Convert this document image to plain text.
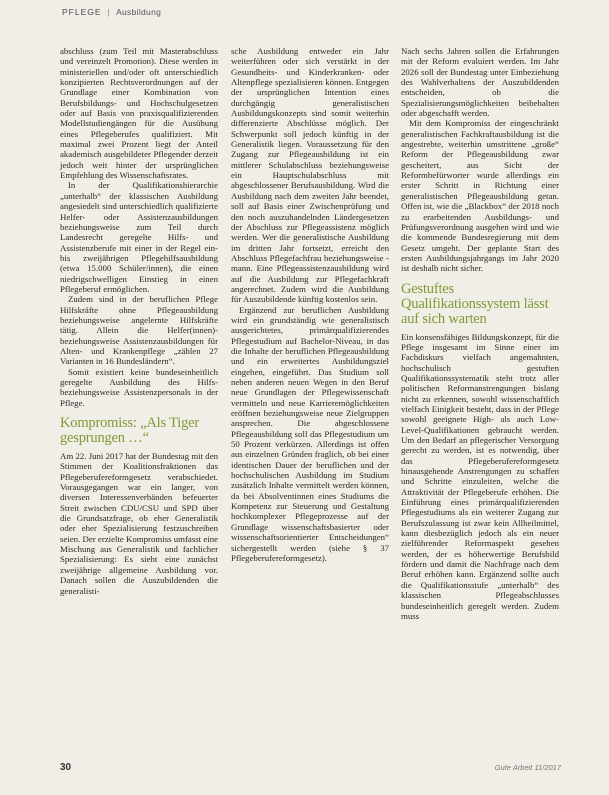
PFLEGE | Ausbildung

abschluss (zum Teil mit Masterabschluss und vereinzelt Promotion). Diese werden in ministeriellen und/oder oft unterschiedlich konzipierten Rechtsverordnungen auf der Grundlage einer Kombination von Berufsbildungs- und Hochschulgesetzen oder auf Basis von praxisqualifizierenden Modellstudiengängen für die Ausübung eines Pflegeberufes qualifiziert. Mit maximal zwei Prozent liegt der Anteil akademisch ausgebildeter Pflegender derzeit jedoch weit hinter der ursprünglichen Empfehlung des Wissenschaftsrates.

In der Qualifikationshierarchie „unterhalb“ der klassischen Ausbildung angesiedelt sind unterschiedlich qualifizierte Helfer- oder Assistenzausbildungen beziehungsweise zum Teil durch Landesrecht geregelte Hilfs- und Assistenzberufe mit einer in der Regel ein- bis zweijährigen Pflegehilfsausbildung (etwa 15.000 Schüler/innen), die einen niedrigschwelligen Einstieg in einen Pflegeberuf ermöglichen.

Zudem sind in der beruflichen Pflege Hilfskräfte ohne Pflegeausbildung beziehungsweise angelernte Hilfskräfte tätig. Allein die Helfer(innen)- beziehungsweise Assistenzausbildungen für Alten- und Krankenpflege „zählen 27 Varianten in 16 Bundesländern“.

Somit existiert keine bundeseinheitlich geregelte Ausbildung des Hilfs- beziehungsweise Assistenzpersonals in der Pflege.

Kompromiss: „Als Tiger gesprungen …“

Am 22. Juni 2017 hat der Bundestag mit den Stimmen der Koalitionsfraktionen das Pflegeberufereformgesetz verabschiedet. Vorausgegangen war ein langer, von diversen Interessenverbänden befeuerter Streit zwischen CDU/CSU und SPD über die Grundsatzfrage, ob eher Generalistik oder eher Spezialisierung festzuschreiben seien. Der erzielte Kompromiss umfasst eine Mischung aus Generalistik und fachlicher Spezialisierung: Es sieht eine zunächst zweijährige allgemeine Ausbildung vor. Danach sollen die Auszubildenden die generalisti-

sche Ausbildung entweder ein Jahr weiterführen oder sich verstärkt in der Gesundheits- und Kinderkranken- oder Altenpflege spezialisieren können. Entgegen der ursprünglichen Intention eines durchgängig generalistischen Ausbildungskonzepts sind somit weiterhin differenzierte Abschlüsse möglich. Der Schwerpunkt soll jedoch künftig in der Generalistik liegen. Voraussetzung für den Zugang zur Pflegeausbildung ist ein mittlerer Schulabschluss beziehungsweise ein Hauptschulabschluss mit abgeschlossener Berufsausbildung. Wird die Ausbildung nach dem zweiten Jahr beendet, soll auf Basis einer Zwischenprüfung und den noch auszuhandelnden Ländergesetzen der Abschluss zur Pflegeassistenz möglich werden. Wer die generalistische Ausbildung im dritten Jahr fortsetzt, erreicht den Abschluss Pflegefachfrau beziehungsweise -mann. Eine Pflegeassistenzausbildung wird auf die Ausbildung zur Pflegefachkraft angerechnet. Zudem wird die Ausbildung für Auszubildende künftig kostenlos sein.

Ergänzend zur beruflichen Ausbildung wird ein grundständig wie generalistisch ausgerichtetes, primärqualifizierendes Pflegestudium auf Bachelor-Niveau, in das die Inhalte der beruflichen Pflegeausbildung und ein erweitertes Ausbildungsziel eingehen, eingeführt. Das Studium soll neben anderen neuen Wegen in den Beruf neue Grundlagen der Pflegewissenschaft vermitteln und neue Karrieremöglichkeiten eröffnen beziehungsweise neue Zielgruppen ansprechen. Die abgeschlossene Pflegeausbildung soll das Pflegestudium um 50 Prozent verkürzen. Allerdings ist offen aus einzelnen Gründen fraglich, ob bei einer identischen Dauer der beruflichen und der hochschulischen Ausbildung im Studium zusätzlich Inhalte vermittelt werden können, da bei Absolventinnen eines Studiums die Kompetenz zur Steuerung und Gestaltung hochkomplexer Pflegeprozesse auf der Grundlage wissenschaftsbasierter oder wissenschaftsorientierter Entscheidungen“ sichergestellt werden (siehe § 37 Pflegeberufereformgesetz).

Nach sechs Jahren sollen die Erfahrungen mit der Reform evaluiert werden. Im Jahr 2026 soll der Bundestag unter Einbeziehung des Wahlverhaltens der Auszubildenden entscheiden, ob die Spezialisierungsmöglichkeiten beibehalten oder abgeschafft werden.

Mit dem Kompromiss der eingeschränkt generalistischen Fachkraftausbildung ist die angestrebte, weiterhin umstrittene „große“ Reform der Pflegeausbildung zwar gescheitert, aus Sicht der Reformbefürworter wurde allerdings ein erster Schritt in Richtung einer generalistischen Pflegeausbildung getan. Offen ist, wie die „Blackbox“ der 2018 noch zu erarbeitenden Ausbildungs- und Prüfungsverordnung ausgehen wird und wie die kommende Bundesregierung mit dem Gesetz umgeht. Der geplante Start des ersten Ausbildungsjahrgangs im Jahr 2020 ist deshalb nicht sicher.

Gestuftes Qualifikationssystem lässt auf sich warten

Ein konsensfähiges Bildungskonzept, für die Pflege insgesamt im Sinne einer im Fachdiskurs vielfach angemahnten, hochschulisch gestuften Qualifikationssystematik steht trotz aller politischen Reformanstrengungen bislang nicht zu erkennen, sowohl wissenschaftlich vielfach Einigkeit besteht, dass in der Pflege sowohl geeignete High- als auch Low-Level-Qualifikationen gebraucht werden. Um den Bedarf an pflegerischer Versorgung gerecht zu werden, ist es notwendig, über das Pflegeberufereformgesetz hinausgehende Anstrengungen zu schaffen und Schritte einzuleiten, welche die Attraktivität der Pflegeberufe erhöhen. Die Einführung eines primärqualifizierenden Pflegestudiums als ein weiterer Zugang zur Berufszulassung ist zwar kein Allheilmittel, kann diesbezüglich jedoch als ein neuer zielführender Reformaspekt gesehen werden, der es höherwertige Berufsbild fördern und damit die Nachfrage nach dem Beruf erhöhen kann. Ergänzend sollte auch die Qualifikationsstufe „unterhalb“ des klassischen Pflegeabschlusses bundeseinheitlich geregelt werden. Zudem muss

30	Gute Arbeit 11/2017
